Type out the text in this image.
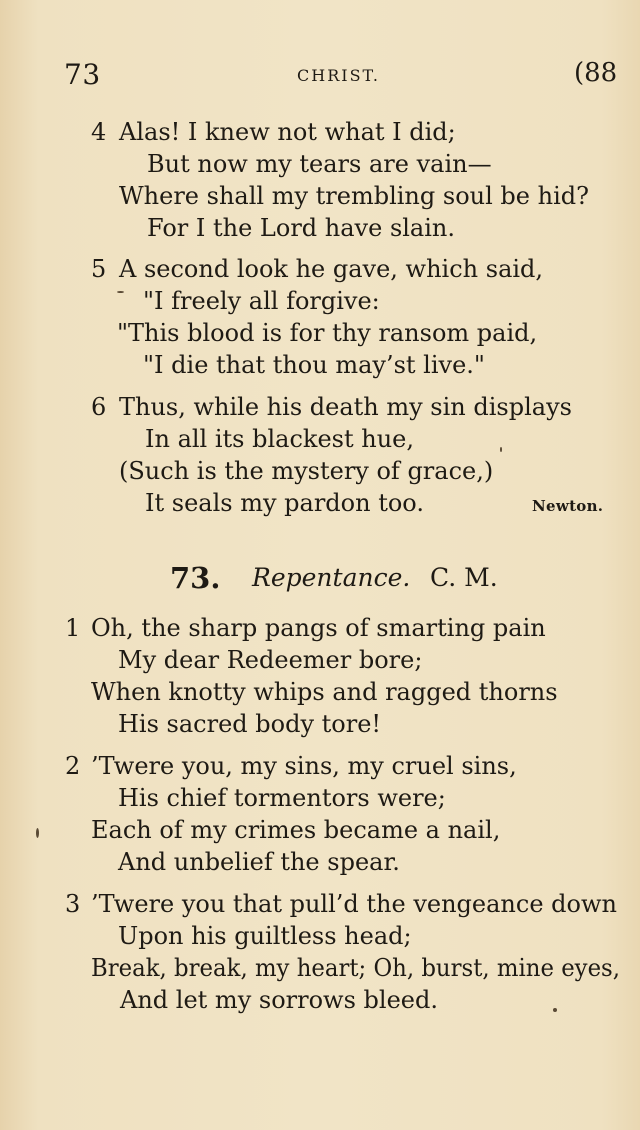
73	CHRIST.	(88
4 Alas! I knew not what I did;
But now my tears are vain—
Where shall my trembling soul be hid?
For I the Lord have slain.
5 A second look he gave, which said,
"I freely all forgive:
"This blood is for thy ransom paid,
"I die that thou may’st live."
6 Thus, while his death my sin displays
In all its blackest hue,
(Such is the mystery of grace,)
It seals my pardon too.	Newton.
73. Repentance. C. M.
1 Oh, the sharp pangs of smarting pain
My dear Redeemer bore;
When knotty whips and ragged thorns
His sacred body tore!
2 ’Twere you, my sins, my cruel sins,
His chief tormentors were;
Each of my crimes became a nail,
And unbelief the spear.
3 ’Twere you that pull’d the vengeance down
Upon his guiltless head;
Break, break, my heart; Oh, burst, mine eyes,
And let my sorrows bleed.
